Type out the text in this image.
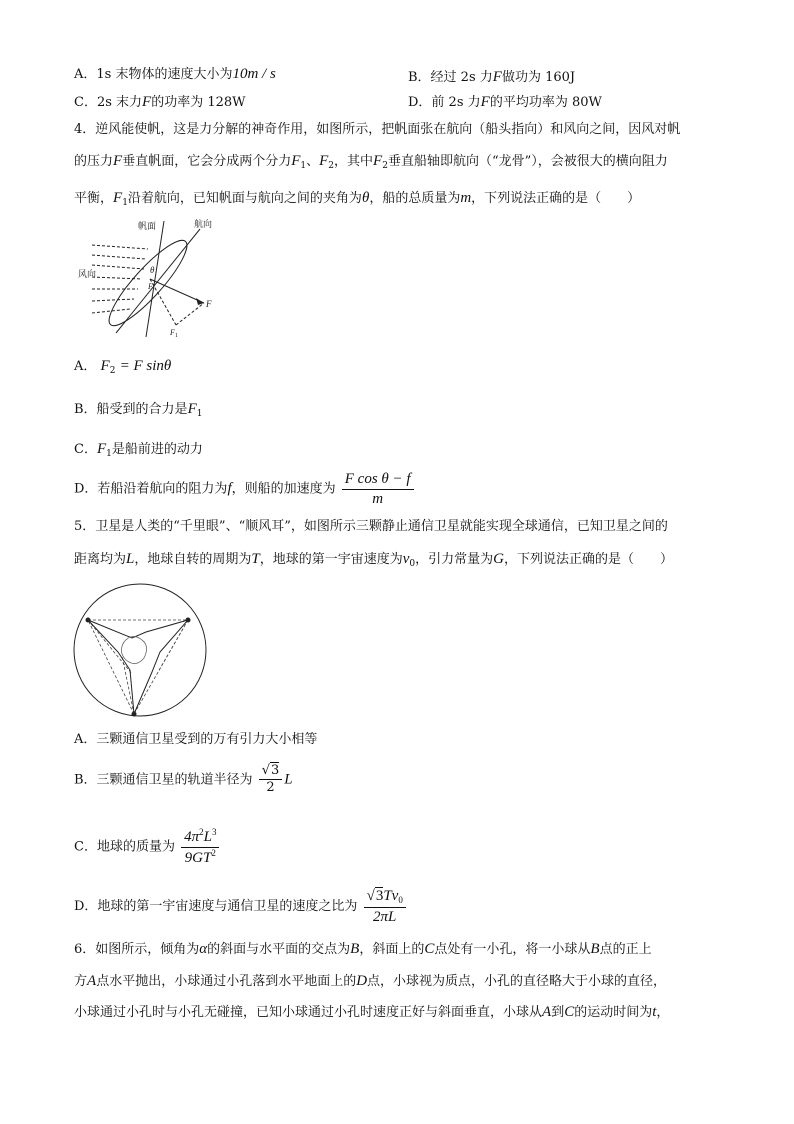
A．1s 末物体的速度大小为10m / s	B．经过 2s 力F做功为 160J
C．2s 末力F的功率为 128W	D．前 2s 力F的平均功率为 80W
4．逆风能使帆，这是力分解的神奇作用，如图所示，把帆面张在航向（船头指向）和风向之间，因风对帆
的压力F垂直帆面，它会分成两个分力$F_1$、$F_2$，其中$F_2$垂直船轴即航向（“龙骨”），会被很大的横向阻力
平衡，$F_1$沿着航向，已知帆面与航向之间的夹角为θ，船的总质量为m，下列说法正确的是（　　）
帆面	航向
风向	θ
F
F
F 1
A． $F_2 = F$ sinθ
B．船受到的合力是$F_1$
C．$F_1$是船前进的动力
D．若船沿着航向的阻力为f，则船的加速度为 $\frac{\text{F cos θ − f}}{m}$
5．卫星是人类的“千里眼”、“顺风耳”，如图所示三颗静止通信卫星就能实现全球通信，已知卫星之间的
距离均为L，地球自转的周期为T，地球的第一宇宙速度为$v_0$，引力常量为G，下列说法正确的是（　　）
A．三颗通信卫星受到的万有引力大小相等
B．三颗通信卫星的轨道半径为 $\frac{√3}{2}$ L
C．地球的质量为 $\frac{4\pi^2L^3}{9GT^2}$
D．地球的第一宇宙速度与通信卫星的速度之比为 $\frac{√3Tv_0}{2\pi L}$
6．如图所示，倾角为α的斜面与水平面的交点为B，斜面上的C点处有一小孔，将一小球从B点的正上
方A点水平抛出，小球通过小孔落到水平地面上的D点，小球视为质点，小孔的直径略大于小球的直径，
小球通过小孔时与小孔无碰撞，已知小球通过小孔时速度正好与斜面垂直，小球从A到C的运动时间为t，
